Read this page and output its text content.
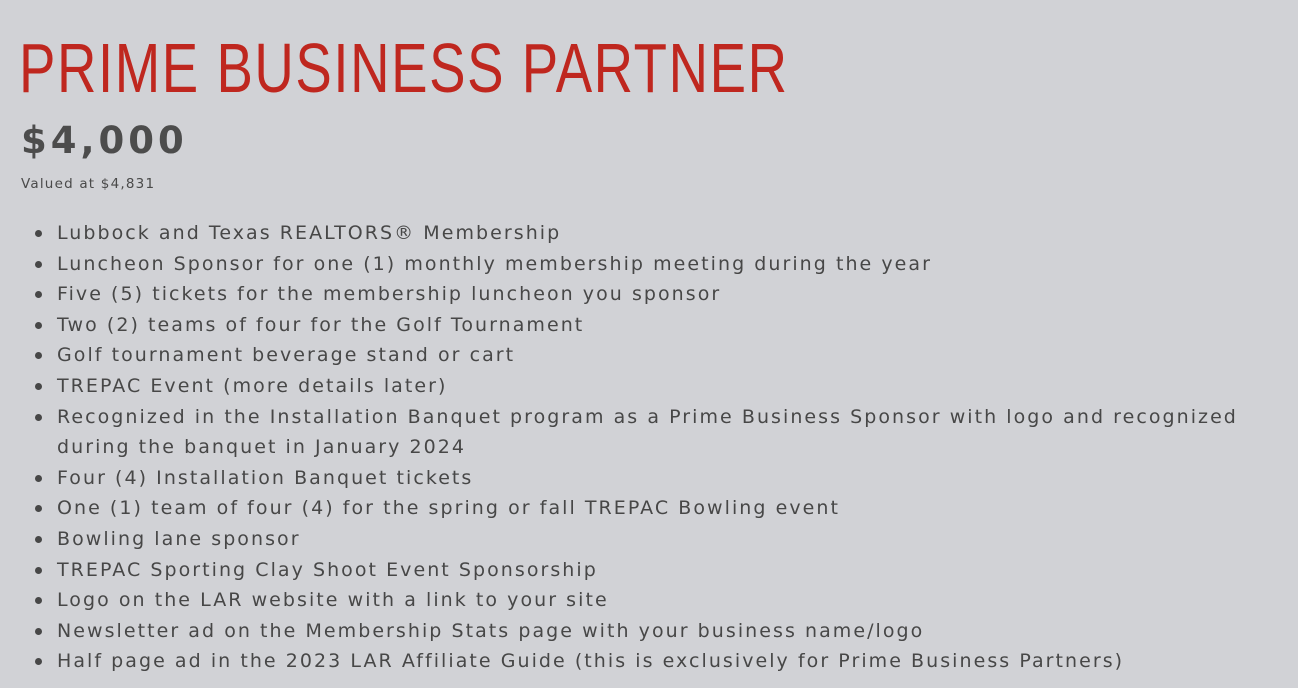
PRIME BUSINESS PARTNER
$4,000
Valued at $4,831
Lubbock and Texas REALTORS® Membership
Luncheon Sponsor for one (1) monthly membership meeting during the year
Five (5) tickets for the membership luncheon you sponsor
Two (2) teams of four for the Golf Tournament
Golf tournament beverage stand or cart
TREPAC Event (more details later)
Recognized in the Installation Banquet program as a Prime Business Sponsor with logo and recognized during the banquet in January 2024
Four (4) Installation Banquet tickets
One (1) team of four (4) for the spring or fall TREPAC Bowling event
Bowling lane sponsor
TREPAC Sporting Clay Shoot Event Sponsorship
Logo on the LAR website with a link to your site
Newsletter ad on the Membership Stats page with your business name/logo
Half page ad in the 2023 LAR Affiliate Guide (this is exclusively for Prime Business Partners)
